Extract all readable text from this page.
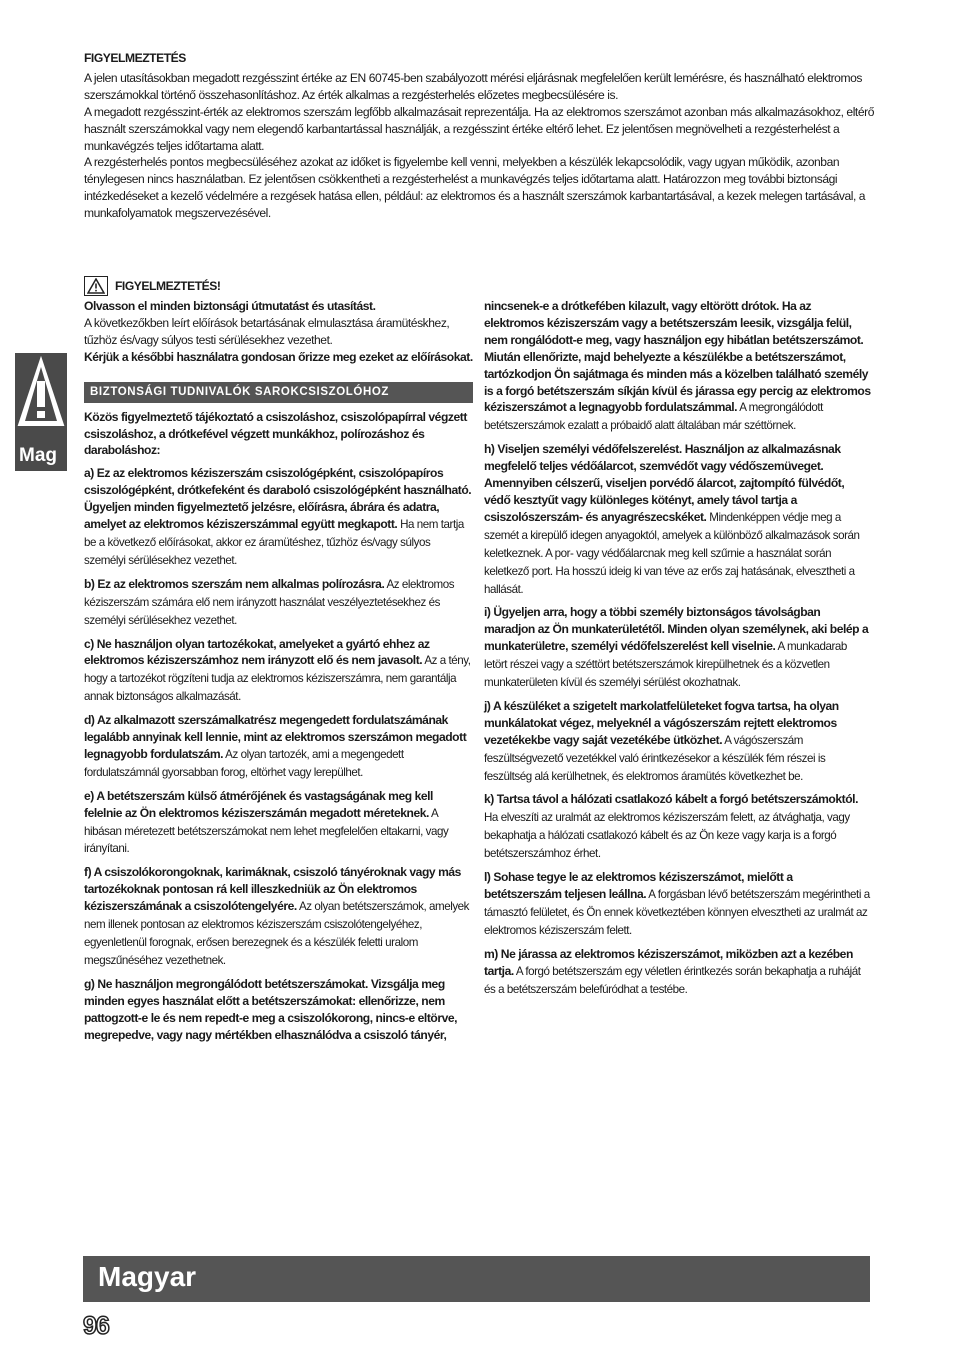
FIGYELMEZTETÉS

A jelen utasításokban megadott rezgésszint értéke az EN 60745-ben szabályozott mérési eljárásnak megfelelően került lemérésre, és használható elektromos szerszámokkal történő összehasonlításhoz. Az érték alkalmas a rezgésterhelés előzetes megbecsülésére is.

A megadott rezgésszint-érték az elektromos szerszám legfőbb alkalmazásait reprezentálja. Ha az elektromos szerszámot azonban más alkalmazásokhoz, eltérő használt szerszámokkal vagy nem elegendő karbantartással használják, a rezgésszint értéke eltérő lehet. Ez jelentősen megnövelheti a rezgésterhelést a munkavégzés teljes időtartama alatt.

A rezgésterhelés pontos megbecsüléséhez azokat az időket is figyelembe kell venni, melyekben a készülék lekapcsolódik, vagy ugyan működik, azonban ténylegesen nincs használatban. Ez jelentősen csökkentheti a rezgésterhelést a munkavégzés teljes időtartama alatt. Határozzon meg további biztonsági intézkedéseket a kezelő védelmére a rezgések hatása ellen, például: az elektromos és a használt szerszámok karbantartásával, a kezek melegen tartásával, a munkafolyamatok megszervezésével.

Mag
FIGYELMEZTETÉS!

Olvasson el minden biztonsági útmutatást és utasítást.

A következőkben leírt előírások betartásának elmulasztása áramütéskhez, tűzhöz és/vagy súlyos testi sérülésekhez vezethet.

Kérjük a későbbi használatra gondosan őrizze meg ezeket az előírásokat.

BIZTONSÁGI TUDNIVALÓK SAROKCSISZOLÓHOZ

Közös figyelmeztető tájékoztató a csiszoláshoz, csiszolópapírral végzett csiszoláshoz, a drótkefével végzett munkákhoz, polírozáshoz és daraboláshoz:

a) Ez az elektromos kéziszerszám csiszológépként, csiszolópapíros csiszológépként, drótkefeként és daraboló csiszológépként használható. Ügyeljen minden figyelmeztető jelzésre, előírásra, ábrára és adatra, amelyet az elektromos kéziszerszámmal együtt megkapott. Ha nem tartja be a következő előírásokat, akkor ez áramütéshez, tűzhöz és/vagy súlyos személyi sérülésekhez vezethet.
b) Ez az elektromos szerszám nem alkalmas polírozásra. Az elektromos kéziszerszám számára elő nem irányzott használat veszélyeztetésekhez és személyi sérülésekhez vezethet.
c) Ne használjon olyan tartozékokat, amelyeket a gyártó ehhez az elektromos kéziszerszámhoz nem irányzott elő és nem javasolt. Az a tény, hogy a tartozékot rögzíteni tudja az elektromos kéziszerszámra, nem garantálja annak biztonságos alkalmazását.
d) Az alkalmazott szerszámalkatrész megengedett fordulatszámának legalább annyinak kell lennie, mint az elektromos szerszámon megadott legnagyobb fordulatszám. Az olyan tartozék, ami a megengedett fordulatszámnál gyorsabban forog, eltörhet vagy lerepülhet.
e) A betétszerszám külső átmérőjének és vastagságának meg kell felelnie az Ön elektromos kéziszerszámán megadott méreteknek. A hibásan méretezett betétszerszámokat nem lehet megfelelően eltakarni, vagy irányítani.
f) A csiszolókorongoknak, karimáknak, csiszoló tányéroknak vagy más tartozékoknak pontosan rá kell illeszkedniük az Ön elektromos kéziszerszámának a csiszolótengelyére. Az olyan betétszerszámok, amelyek nem illenek pontosan az elektromos kéziszerszám csiszolótengelyéhez, egyenletlenül forognak, erősen berezegnek és a készülék feletti uralom megszűnéséhez vezethetnek.
g) Ne használjon megrongálódott betétszerszámokat. Vizsgálja meg minden egyes használat előtt a betétszerszámokat: ellenőrizze, nem pattogzott-e le és nem repedt-e meg a csiszolókorong, nincs-e eltörve, megrepedve, vagy nagy mértékben elhasználódva a csiszoló tányér,
nincsenek-e a drótkefében kilazult, vagy eltörött drótok. Ha az elektromos kéziszerszám vagy a betétszerszám leesik, vizsgálja felül, nem rongálódott-e meg, vagy használjon egy hibátlan betétszerszámot. Miután ellenőrizte, majd behelyezte a készülékbe a betétszerszámot, tartózkodjon Ön sajátmaga és minden más a közelben található személy is a forgó betétszerszám síkján kívül és járassa egy percig az elektromos kéziszerszámot a legnagyobb fordulatszámmal. A megrongálódott betétszerszámok ezalatt a próbaidő alatt általában már széttörnek.
h) Viseljen személyi védőfelszerelést. Használjon az alkalmazásnak megfelelő teljes védőálarcot, szemvédőt vagy védőszemüveget. Amennyiben célszerű, viseljen porvédő álarcot, zajtompító fülvédőt, védő kesztyűt vagy különleges kötényt, amely távol tartja a csiszolószerszám- és anyagrészecskéket. Mindenképpen védje meg a szemét a kirepülő idegen anyagoktól, amelyek a különböző alkalmazások során keletkeznek. A por- vagy védőálarcnak meg kell szűrnie a használat során keletkező port. Ha hosszú ideig ki van téve az erős zaj hatásának, elvesztheti a hallását.
i) Ügyeljen arra, hogy a többi személy biztonságos távolságban maradjon az Ön munkaterületétől. Minden olyan személynek, aki belép a munkaterületre, személyi védőfelszerelést kell viselnie. A munkadarab letört részei vagy a széttört betétszerszámok kirepülhetnek és a közvetlen munkaterületen kívül és személyi sérülést okozhatnak.
j) A készüléket a szigetelt markolatfelületeket fogva tartsa, ha olyan munkálatokat végez, melyeknél a vágószerszám rejtett elektromos vezetékekbe vagy saját vezetékébe ütközhet. A vágószerszám feszültségvezető vezetékkel való érintkezésekor a készülék fém részei is feszültség alá kerülhetnek, és elektromos áramütés következhet be.
k) Tartsa távol a hálózati csatlakozó kábelt a forgó betétszerszámoktól. Ha elveszíti az uralmát az elektromos kéziszerszám felett, az átvághatja, vagy bekaphatja a hálózati csatlakozó kábelt és az Ön keze vagy karja is a forgó betétszerszámhoz érhet.
l) Sohase tegye le az elektromos kéziszerszámot, mielőtt a betétszerszám teljesen leállna. A forgásban lévő betétszerszám megérintheti a támasztó felületet, és Ön ennek következtében könnyen elvesztheti az uralmát az elektromos kéziszerszám felett.
m) Ne járassa az elektromos kéziszerszámot, miközben azt a kezében tartja. A forgó betétszerszám egy véletlen érintkezés során bekaphatja a ruháját és a betétszerszám belefúródhat a testébe.
Magyar
96
